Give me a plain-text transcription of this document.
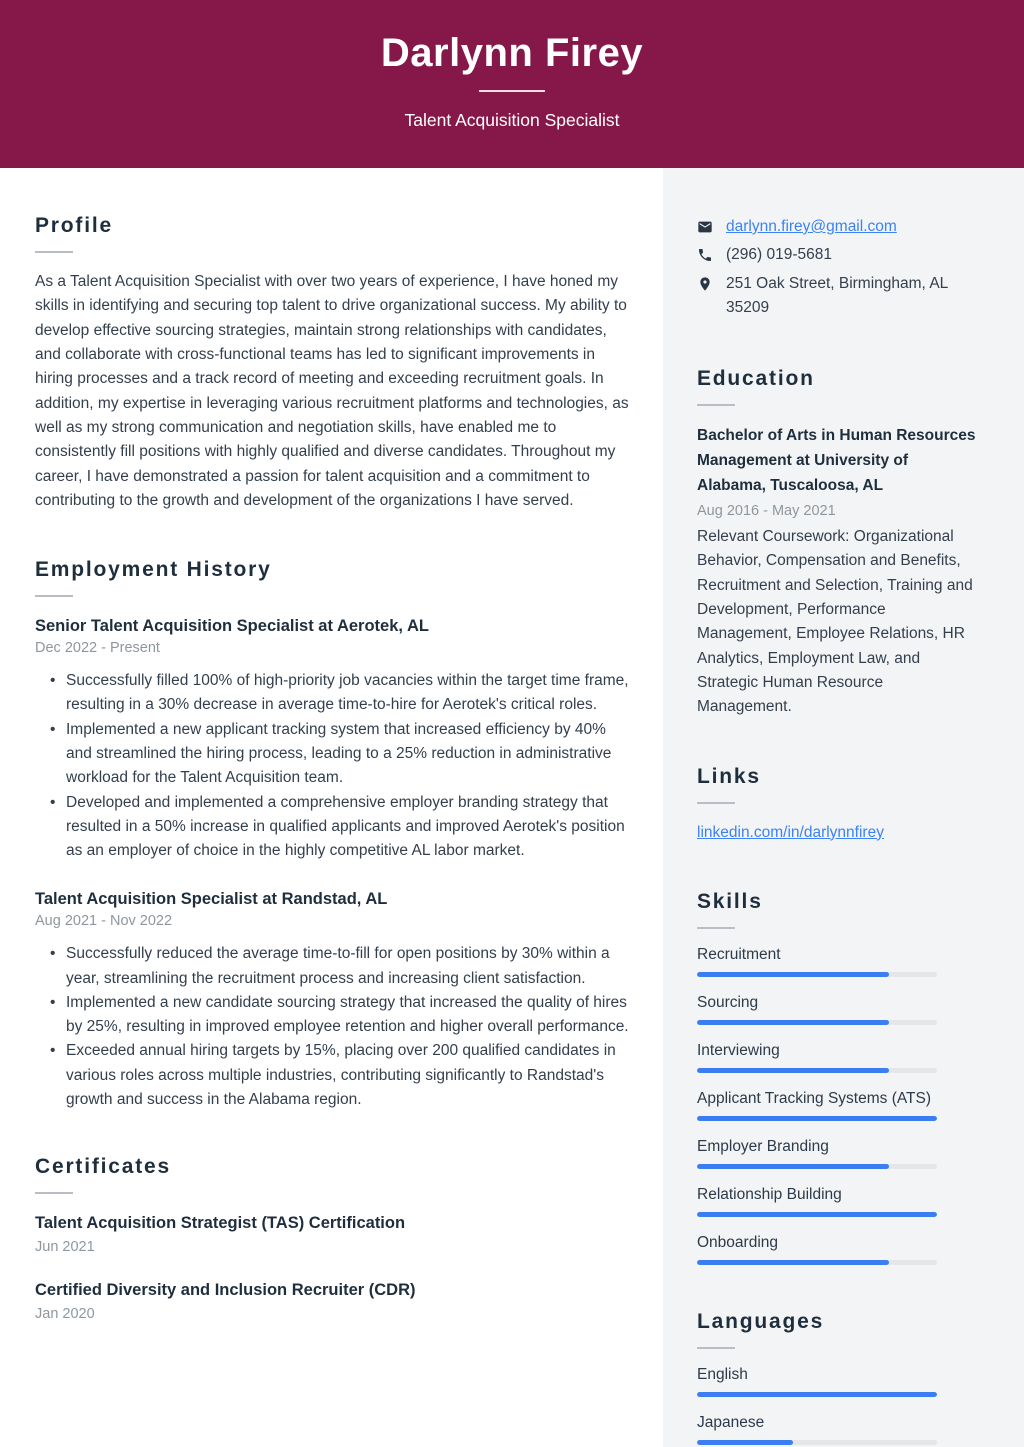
Darlynn Firey
Talent Acquisition Specialist
Profile

As a Talent Acquisition Specialist with over two years of experience, I have honed my skills in identifying and securing top talent to drive organizational success. My ability to develop effective sourcing strategies, maintain strong relationships with candidates, and collaborate with cross-functional teams has led to significant improvements in hiring processes and a track record of meeting and exceeding recruitment goals. In addition, my expertise in leveraging various recruitment platforms and technologies, as well as my strong communication and negotiation skills, have enabled me to consistently fill positions with highly qualified and diverse candidates. Throughout my career, I have demonstrated a passion for talent acquisition and a commitment to contributing to the growth and development of the organizations I have served.

Employment History
Senior Talent Acquisition Specialist at Aerotek, AL
Dec 2022 - Present
• Successfully filled 100% of high-priority job vacancies within the target time frame, resulting in a 30% decrease in average time-to-hire for Aerotek's critical roles.
• Implemented a new applicant tracking system that increased efficiency by 40% and streamlined the hiring process, leading to a 25% reduction in administrative workload for the Talent Acquisition team.
• Developed and implemented a comprehensive employer branding strategy that resulted in a 50% increase in qualified applicants and improved Aerotek's position as an employer of choice in the highly competitive AL labor market.
Talent Acquisition Specialist at Randstad, AL
Aug 2021 - Nov 2022
• Successfully reduced the average time-to-fill for open positions by 30% within a year, streamlining the recruitment process and increasing client satisfaction.
• Implemented a new candidate sourcing strategy that increased the quality of hires by 25%, resulting in improved employee retention and higher overall performance.
• Exceeded annual hiring targets by 15%, placing over 200 qualified candidates in various roles across multiple industries, contributing significantly to Randstad's growth and success in the Alabama region.
Certificates
Talent Acquisition Strategist (TAS) Certification
Jun 2021
Certified Diversity and Inclusion Recruiter (CDR)
Jan 2020
darlynn.firey@gmail.com
(296) 019-5681
251 Oak Street, Birmingham, AL 35209
Education
Bachelor of Arts in Human Resources Management at University of Alabama, Tuscaloosa, AL
Aug 2016 - May 2021

Relevant Coursework: Organizational Behavior, Compensation and Benefits, Recruitment and Selection, Training and Development, Performance Management, Employee Relations, HR Analytics, Employment Law, and Strategic Human Resource Management.

Links
linkedin.com/in/darlynnfirey
Skills
Recruitment
Sourcing
Interviewing
Applicant Tracking Systems (ATS)
Employer Branding
Relationship Building
Onboarding
Languages
English
Japanese
